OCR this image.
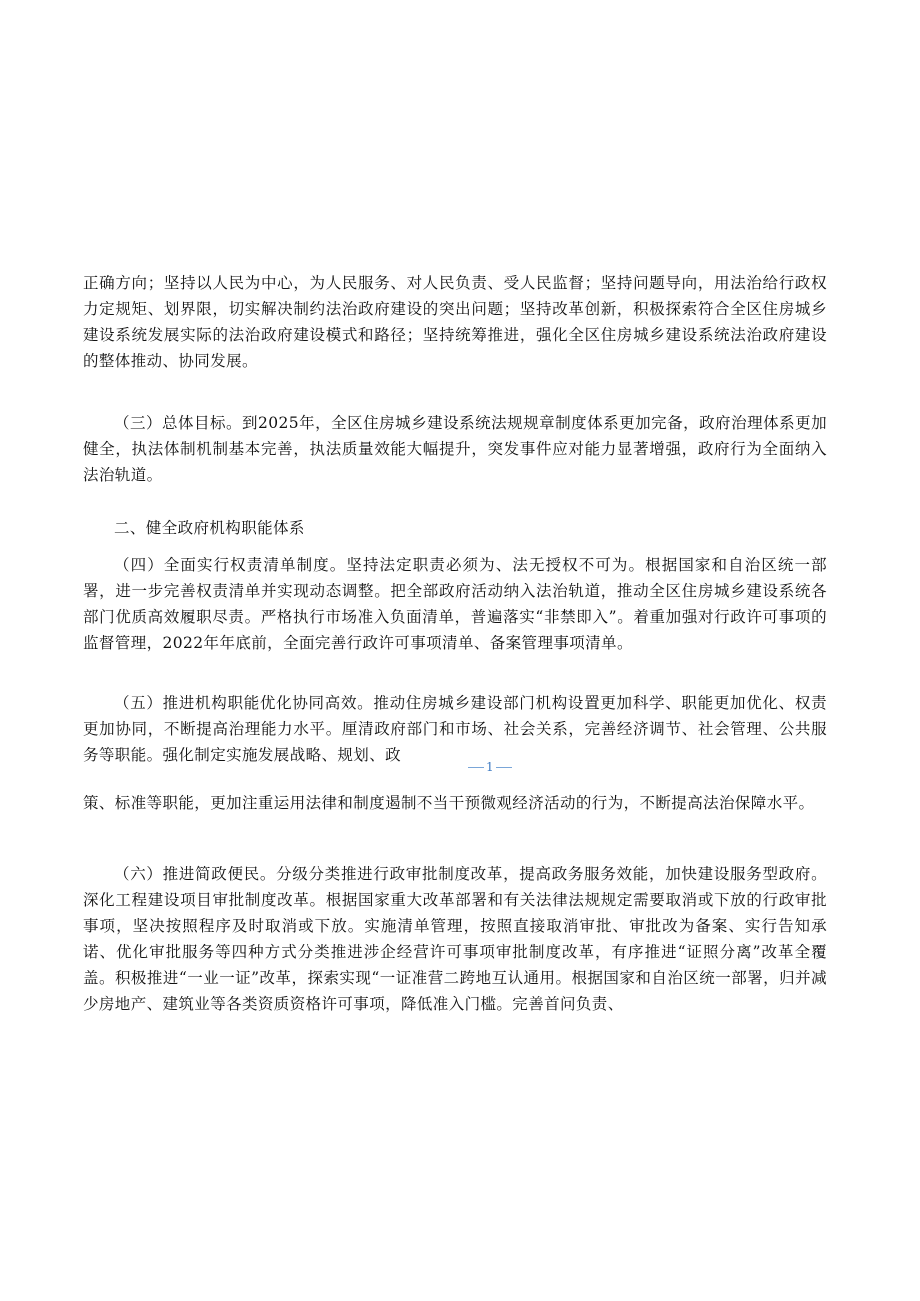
正确方向；坚持以人民为中心，为人民服务、对人民负责、受人民监督；坚持问题导向，用法治给行政权力定规矩、划界限，切实解决制约法治政府建设的突出问题；坚持改革创新，积极探索符合全区住房城乡建设系统发展实际的法治政府建设模式和路径；坚持统筹推进，强化全区住房城乡建设系统法治政府建设的整体推动、协同发展。

（三）总体目标。到2025年，全区住房城乡建设系统法规规章制度体系更加完备，政府治理体系更加健全，执法体制机制基本完善，执法质量效能大幅提升，突发事件应对能力显著增强，政府行为全面纳入法治轨道。

二、健全政府机构职能体系

（四）全面实行权责清单制度。坚持法定职责必须为、法无授权不可为。根据国家和自治区统一部署，进一步完善权责清单并实现动态调整。把全部政府活动纳入法治轨道，推动全区住房城乡建设系统各部门优质高效履职尽责。严格执行市场准入负面清单，普遍落实“非禁即入”。着重加强对行政许可事项的监督管理，2022年年底前，全面完善行政许可事项清单、备案管理事项清单。

（五）推进机构职能优化协同高效。推动住房城乡建设部门机构设置更加科学、职能更加优化、权责更加协同，不断提高治理能力水平。厘清政府部门和市场、社会关系，完善经济调节、社会管理、公共服务等职能。强化制定实施发展战略、规划、政

1

策、标准等职能，更加注重运用法律和制度遏制不当干预微观经济活动的行为，不断提高法治保障水平。

（六）推进简政便民。分级分类推进行政审批制度改革，提高政务服务效能，加快建设服务型政府。深化工程建设项目审批制度改革。根据国家重大改革部署和有关法律法规规定需要取消或下放的行政审批事项，坚决按照程序及时取消或下放。实施清单管理，按照直接取消审批、审批改为备案、实行告知承诺、优化审批服务等四种方式分类推进涉企经营许可事项审批制度改革，有序推进“证照分离”改革全覆盖。积极推进“一业一证”改革，探索实现“一证准营二跨地互认通用。根据国家和自治区统一部署，归并减少房地产、建筑业等各类资质资格许可事项，降低准入门槛。完善首问负责、
